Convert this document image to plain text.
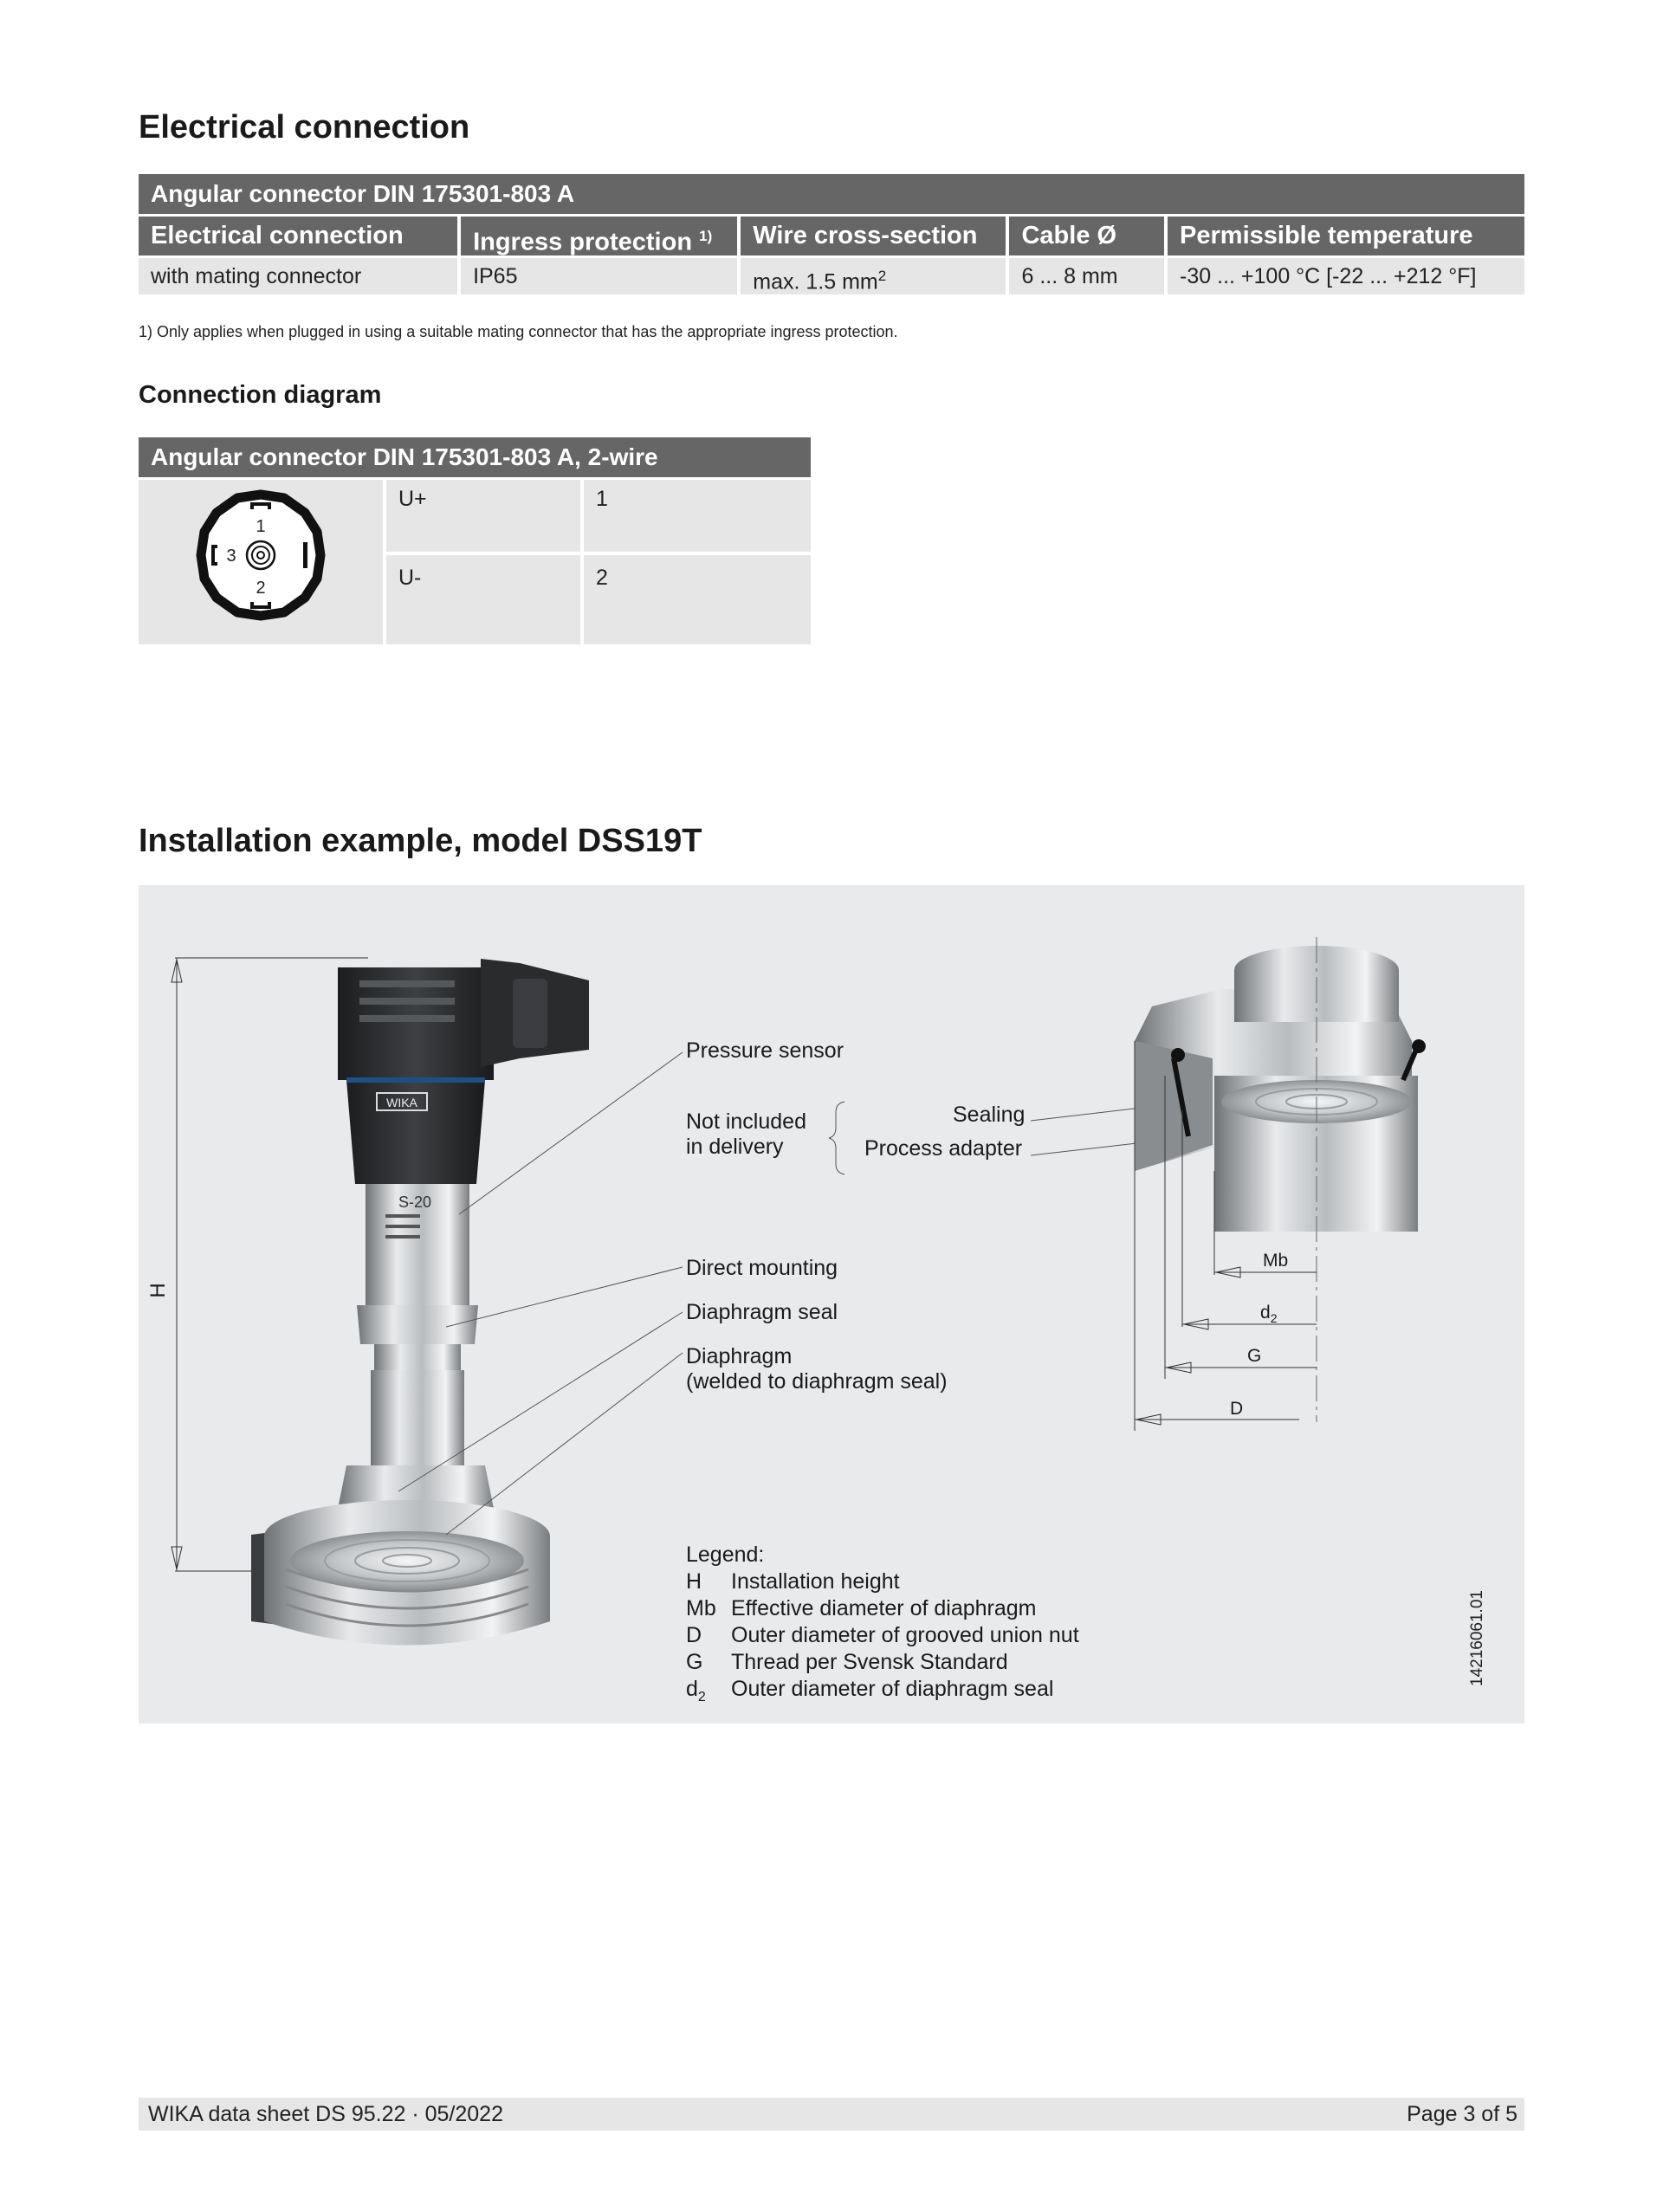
Electrical connection
Angular connector DIN 175301-803 A
Electrical connection	Ingress protection $^{1)}$	Wire cross-section	Cable Ø	Permissible temperature
with mating connector	IP65	max. 1.5 $mm^2$	6 ... 8 mm	-30 ... +100 °C [-22 ... +212 °F]
1) Only applies when plugged in using a suitable mating connector that has the appropriate ingress protection.
Connection diagram
Angular connector DIN 175301-803 A, 2-wire
1
2
3
U+	1
U-	2
Installation example, model DSS19T
H
WIKA
S-20
Mb
$d_2$
G
D
Pressure sensor
Not included
in delivery
Sealing
Process adapter
Direct mounting
Diaphragm seal
Diaphragm
(welded to diaphragm seal)
Legend:
H	Installation height
Mb Effective diameter of diaphragm
D	Outer diameter of grooved union nut
G	Thread per Svensk Standard
$d_2$	Outer diameter of diaphragm seal
14216061.01
WIKA data sheet DS 95.22 · 05/2022	Page 3 of 5
